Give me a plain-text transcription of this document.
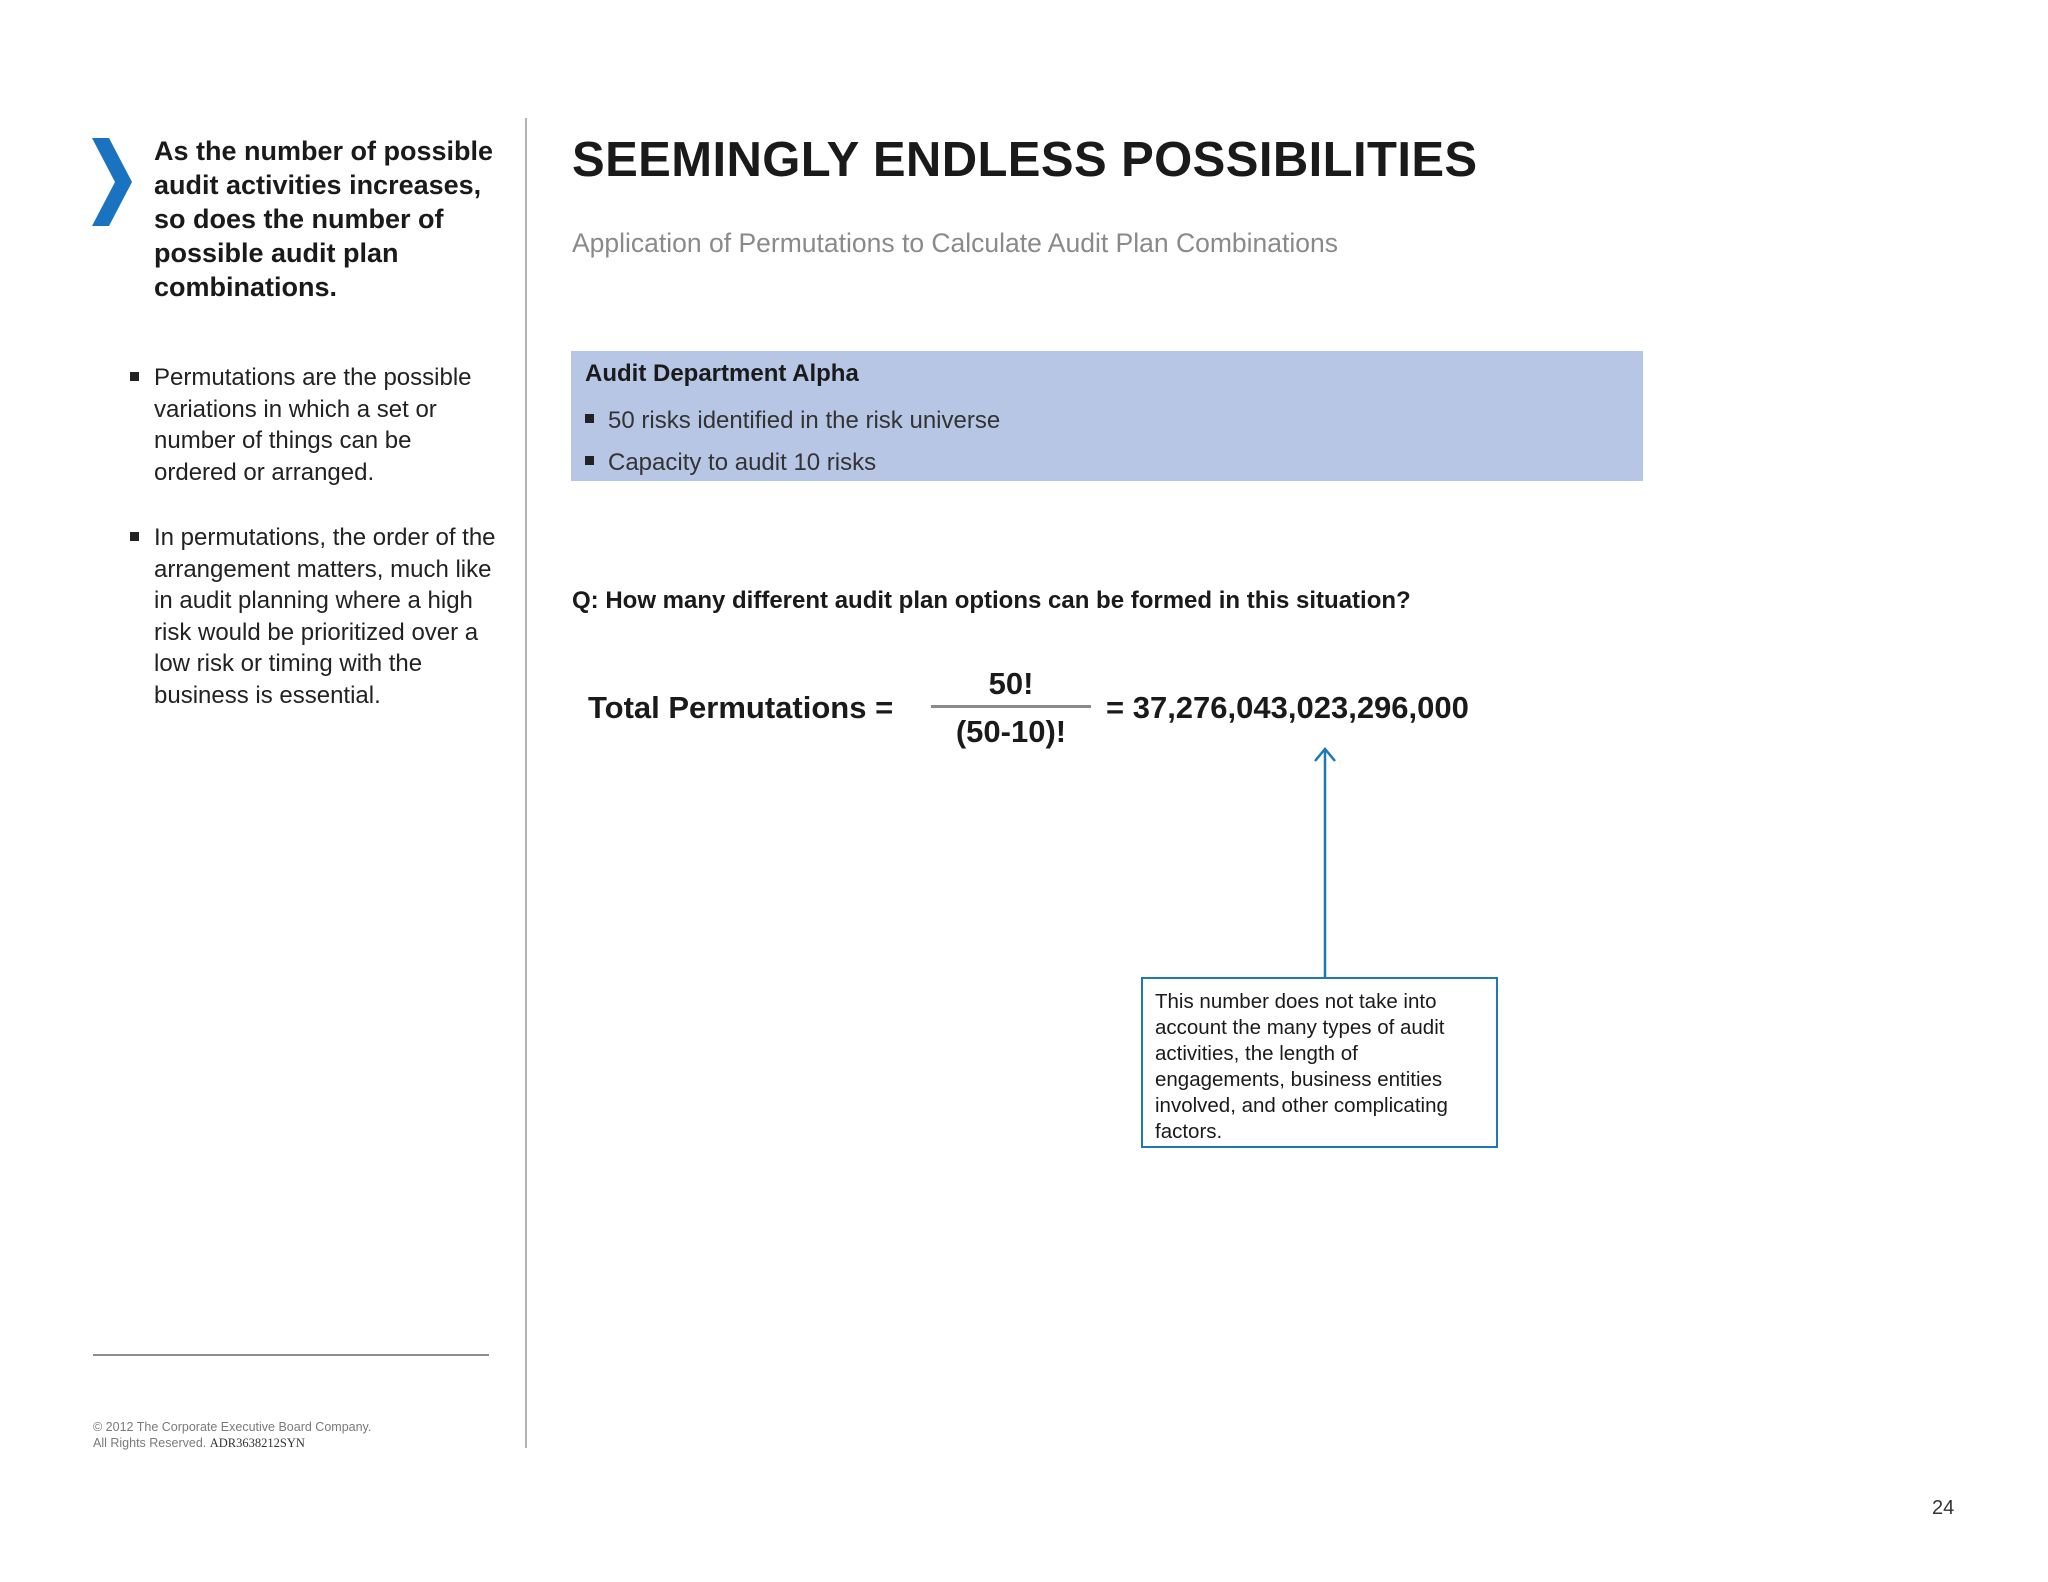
As the number of possible audit activities increases, so does the number of possible audit plan combinations.

Permutations are the possible variations in which a set or number of things can be ordered or arranged.
In permutations, the order of the arrangement matters, much like in audit planning where a high risk would be prioritized over a low risk or timing with the business is essential.
© 2012 The Corporate Executive Board Company.
All Rights Reserved. ADR3638212SYN
SEEMINGLY ENDLESS POSSIBILITIES
Application of Permutations to Calculate Audit Plan Combinations
Audit Department Alpha
50 risks identified in the risk universe
Capacity to audit 10 risks
Q: How many different audit plan options can be formed in this situation?
Total Permutations =
50!
(50-10)!
= 37,276,043,023,296,000
This number does not take into account the many types of audit activities, the length of engagements, business entities involved, and other complicating factors.
24
